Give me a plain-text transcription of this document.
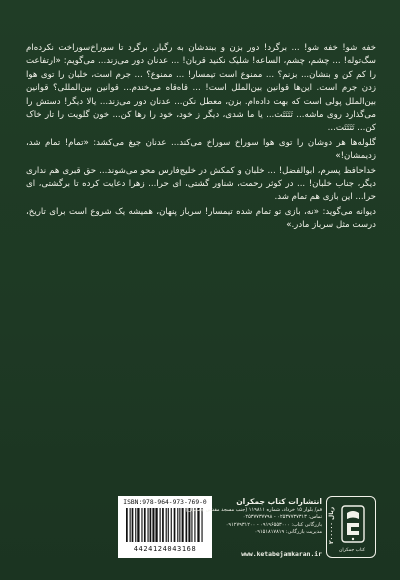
خفه شو! خفه شو! ... برگرد! دور بزن و ببندشان به رگبار. برگرد تا سوراخ‌سوراخت نکرده‌ام سگ‌توله! ... چشم، چشم، الساعه! شلیک نکنید قربان! ... عدنان دور می‌زند... می‌گویم: «ارتفاعت را کم کن و بنشان... بزنم؟ ... ممنوع است تیمسار! ... ممنوع؟ ... جرم است، خلبان را توی هوا زدن جرم است. این‌ها قوانین بین‌الملل است! ... قاه‌قاه می‌خندم... قوانین بین‌المللی؟ قوانین بین‌الملل پولی است که بهت داده‌ام. بزن، معطل نکن... عدنان دور می‌زند... یالا دیگر! دستش را می‌گذارد روی ماشه... تَتَتَتَت... یا ما شدی، دیگر ز خود، خود را رها کن... خون گلویت را تار خاک کن... تَتَتَتَت...

گلوله‌ها هر دوشان را توی هوا سوراخ سوراخ می‌کند... عدنان جیغ می‌کشد: «تمام! تمام شد، زدیمشان!»

خداحافظ پسرم، ابوالفضل! ... خلبان و کمکش در خلیج‌فارس محو می‌شوند... حق قبری هم نداری دیگر، جناب خلبان! ... در کوثر رحمت، شناور گشتی، ای حرا... زهرا دعایت کرده تا برگشتی، ای حرا... این بازی هم تمام شد.

دیوانه می‌گوید: «نه، بازی تو تمام شده تیمسار! سرباز پنهان، همیشه یک شروع است برای تاریخ، درست مثل سرباز مادر.»

ISBN:978-964-973-769-0
4424124043168
انتشارات کتاب جمکران
قم/ بلوار ۱۵ خرداد، شماره ۱۱۹۸۱۱ (جنب مسجد مقدس جمکران)
تماس: ۰۲۵۳۷۷۳۷۳۱۳ - ۰۲۵۳۷۷۳۷۷۹۸
بازرگانی کتاب: ۰۹۱۹۶۵۵۳۰۰۰ - ۰۹۱۲۷۹۳۱۲۰۰
مدیریت بازرگانی: ۰۹۱۵۱۸۱۷۸۱۹
www.ketabejamkaran.ir
۲۰۰۰۰۰ ریال
کتاب جمکران
